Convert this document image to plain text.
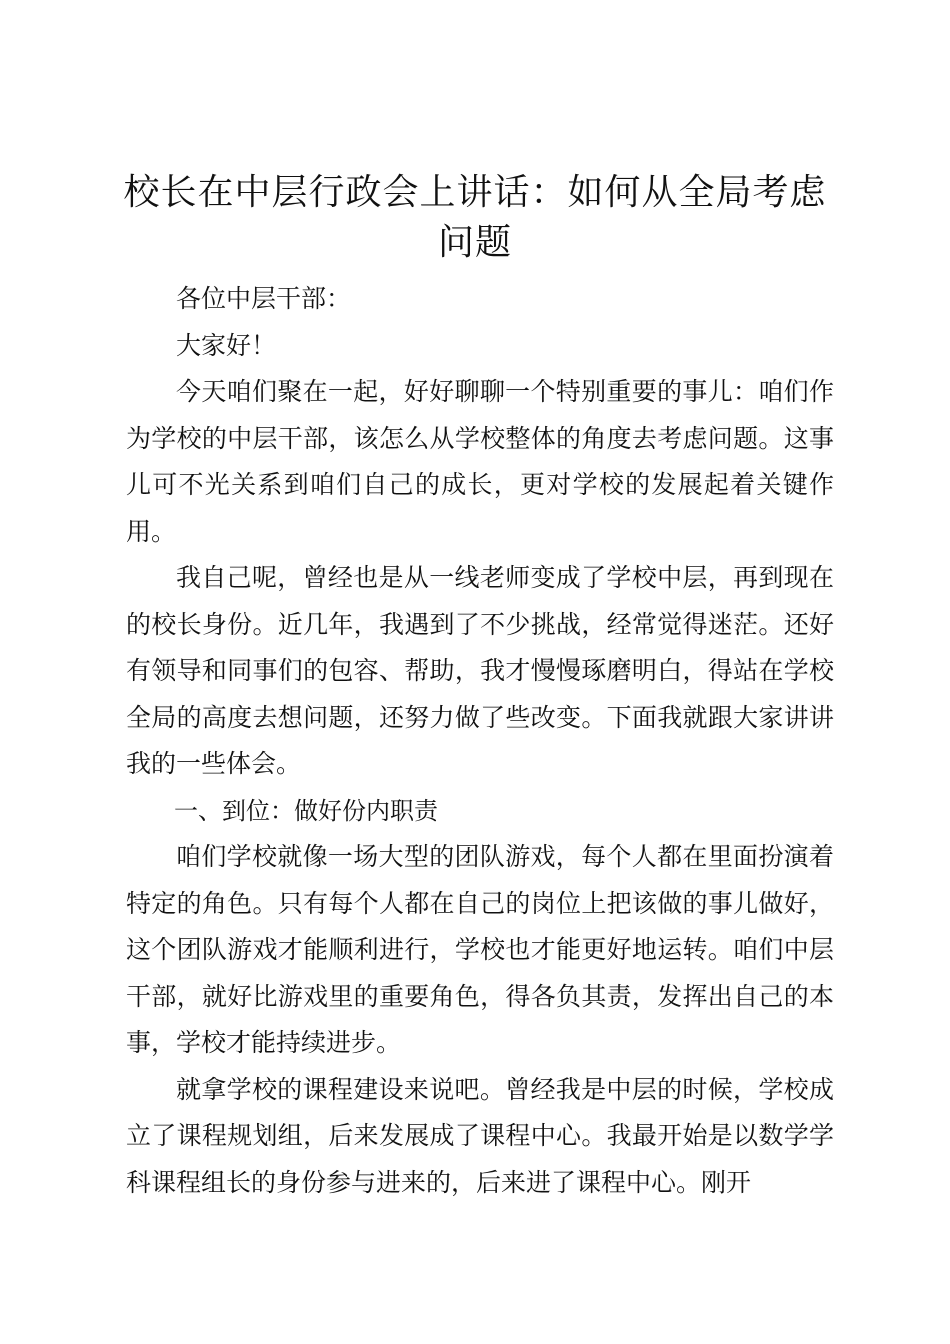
校长在中层行政会上讲话：如何从全局考虑问题

各位中层干部：

大家好！

今天咱们聚在一起，好好聊聊一个特别重要的事儿：咱们作为学校的中层干部，该怎么从学校整体的角度去考虑问题。这事儿可不光关系到咱们自己的成长，更对学校的发展起着关键作用。

我自己呢，曾经也是从一线老师变成了学校中层，再到现在的校长身份。近几年，我遇到了不少挑战，经常觉得迷茫。还好有领导和同事们的包容、帮助，我才慢慢琢磨明白，得站在学校全局的高度去想问题，还努力做了些改变。下面我就跟大家讲讲我的一些体会。

一、到位：做好份内职责

咱们学校就像一场大型的团队游戏，每个人都在里面扮演着特定的角色。只有每个人都在自己的岗位上把该做的事儿做好，这个团队游戏才能顺利进行，学校也才能更好地运转。咱们中层干部，就好比游戏里的重要角色，得各负其责，发挥出自己的本事，学校才能持续进步。

就拿学校的课程建设来说吧。曾经我是中层的时候，学校成立了课程规划组，后来发展成了课程中心。我最开始是以数学学科课程组长的身份参与进来的，后来进了课程中心。刚开
